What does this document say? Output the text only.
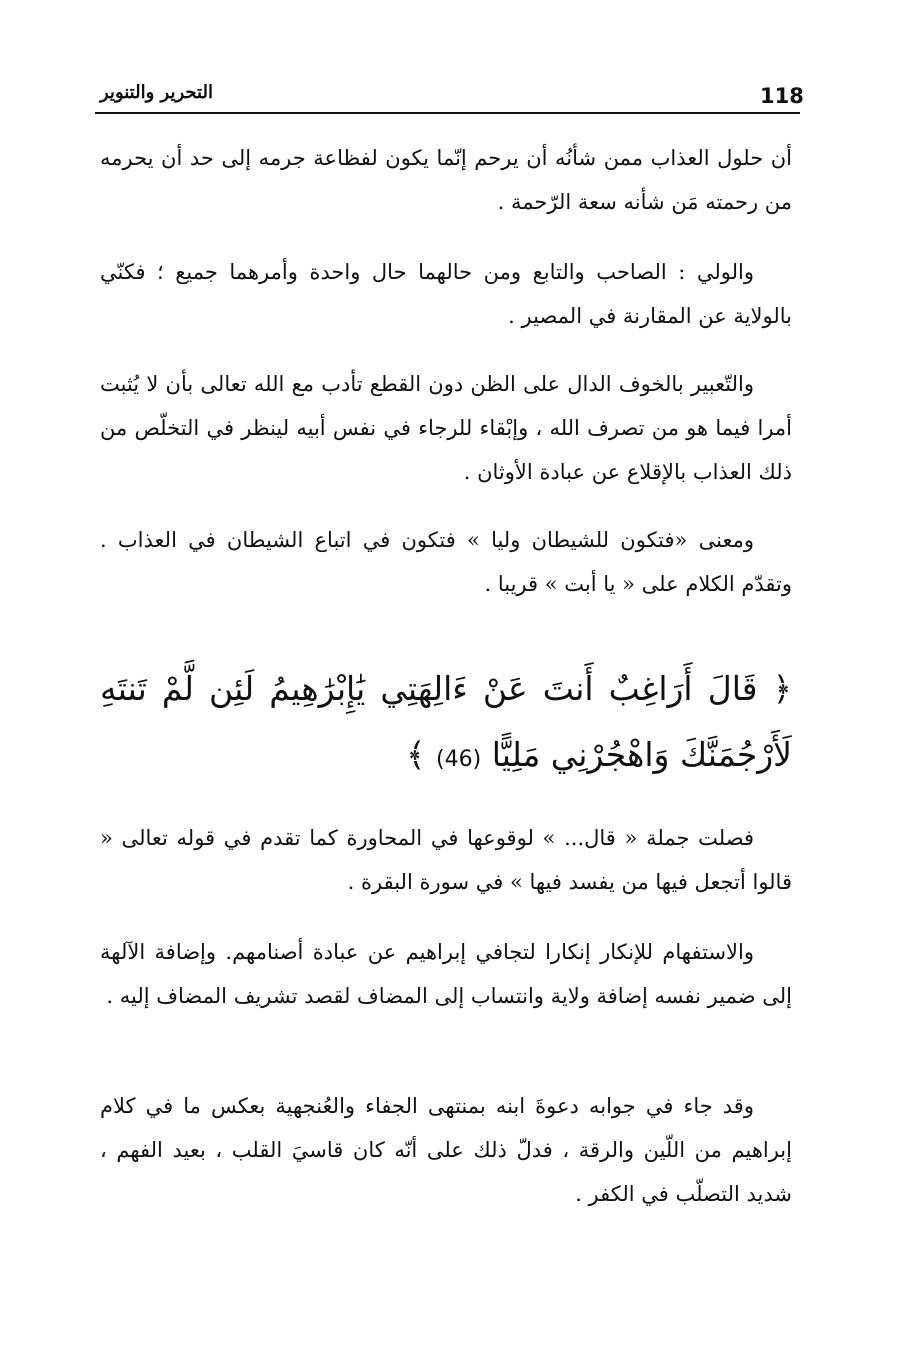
118
التحرير والتنوير

أن حلول العذاب ممن شأنُه أن يرحم إنّما يكون لفظاعة جرمه إلى حد أن يحرمه من رحمته مَن شأنه سعة الرّحمة .

والولي : الصاحب والتابع ومن حالهما حال واحدة وأمرهما جميع ؛ فكنّي بالولاية عن المقارنة في المصير .

والتّعبير بالخوف الدال على الظن دون القطع تأدب مع الله تعالى بأن لا يُثبت أمرا فيما هو من تصرف الله ، وإبْقاء للرجاء في نفس أبيه لينظر في التخلّص من ذلك العذاب بالإقلاع عن عبادة الأوثان .

ومعنى «فتكون للشيطان وليا » فتكون في اتباع الشيطان في العذاب . وتقدّم الكلام على « يا أبت » قريبا .

﴿ قَالَ أَرَاغِبٌ أَنتَ عَنْ ءَالِهَتِي يَٰإِبْرَٰهِيمُ لَئِن لَّمْ تَنتَهِ لَأَرْجُمَنَّكَ وَاهْجُرْنِي مَلِيًّا (46) ﴾

فصلت جملة « قال... » لوقوعها في المحاورة كما تقدم في قوله تعالى « قالوا أتجعل فيها من يفسد فيها » في سورة البقرة .

والاستفهام للإنكار إنكارا لتجافي إبراهيم عن عبادة أصنامهم. وإضافة الآلهة إلى ضمير نفسه إضافة ولاية وانتساب إلى المضاف لقصد تشريف المضاف إليه .

وقد جاء في جوابه دعوةَ ابنه بمنتهى الجفاء والعُنجهية بعكس ما في كلام إبراهيم من اللّين والرقة ، فدلّ ذلك على أنّه كان قاسيَ القلب ، بعيد الفهم ، شديد التصلّب في الكفر .
